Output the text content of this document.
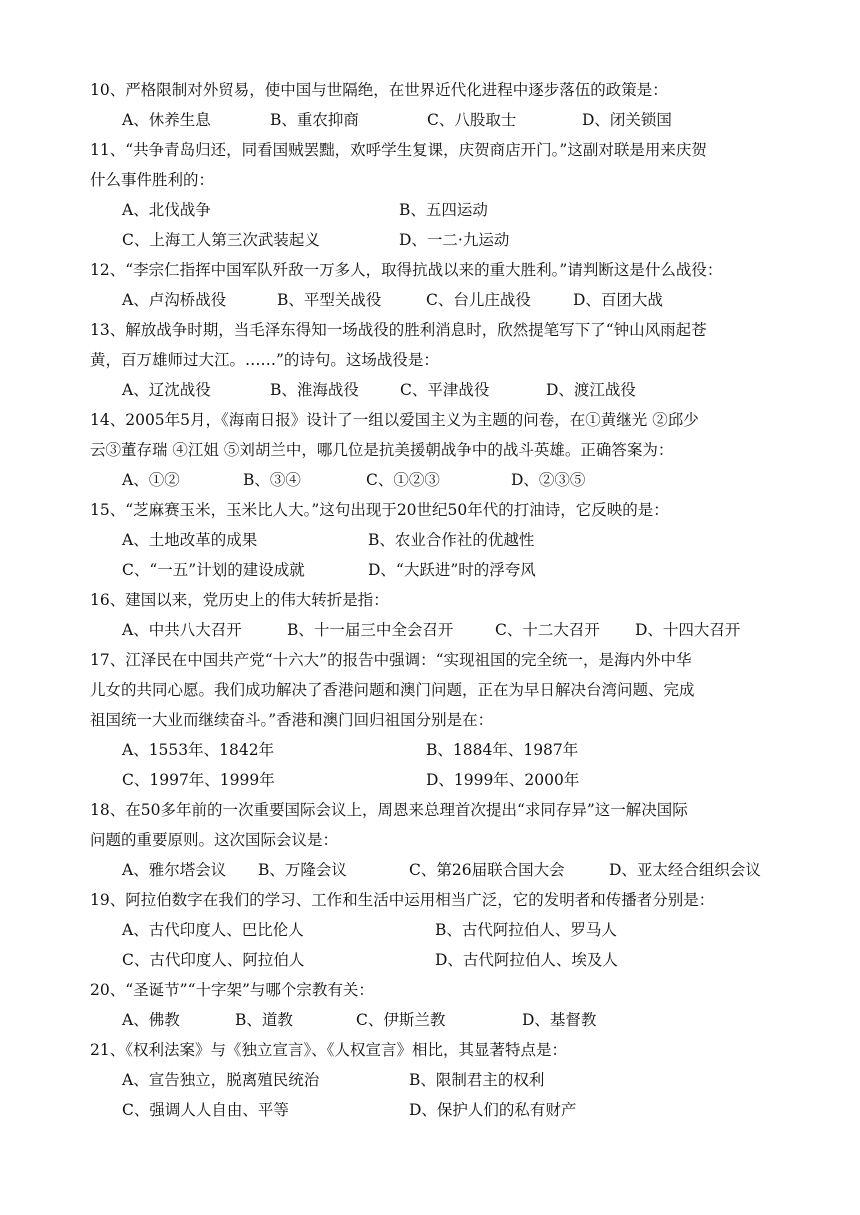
10、严格限制对外贸易，使中国与世隔绝，在世界近代化进程中逐步落伍的政策是：
A、休养生息	B、重农抑商	C、八股取士	D、闭关锁国
11、“共争青岛归还，同看国贼罢黜，欢呼学生复课，庆贺商店开门。”这副对联是用来庆贺
什么事件胜利的：
A、北伐战争	B、五四运动
C、上海工人第三次武装起义	D、一二·九运动
12、“李宗仁指挥中国军队歼敌一万多人，取得抗战以来的重大胜利。”请判断这是什么战役：
A、卢沟桥战役	B、平型关战役	C、台儿庄战役	D、百团大战
13、解放战争时期，当毛泽东得知一场战役的胜利消息时，欣然提笔写下了“钟山风雨起苍
黄，百万雄师过大江。……”的诗句。这场战役是：
A、辽沈战役	B、淮海战役	C、平津战役	D、渡江战役
14、2005年5月，《海南日报》设计了一组以爱国主义为主题的问卷，在①黄继光 ②邱少
云③董存瑞 ④江姐 ⑤刘胡兰中，哪几位是抗美援朝战争中的战斗英雄。正确答案为：
A、①②	B、③④	C、①②③	D、②③⑤
15、“芝麻赛玉米，玉米比人大。”这句出现于20世纪50年代的打油诗，它反映的是：
A、土地改革的成果	B、农业合作社的优越性
C、“一五”计划的建设成就	D、“大跃进”时的浮夸风
16、建国以来，党历史上的伟大转折是指：
A、中共八大召开	B、十一届三中全会召开	C、十二大召开 D、十四大召开
17、江泽民在中国共产党“十六大”的报告中强调：“实现祖国的完全统一，是海内外中华
儿女的共同心愿。我们成功解决了香港问题和澳门问题，正在为早日解决台湾问题、完成
祖国统一大业而继续奋斗。”香港和澳门回归祖国分别是在：
A、1553年、1842年	B、1884年、1987年
C、1997年、1999年	D、1999年、2000年
18、在50多年前的一次重要国际会议上，周恩来总理首次提出“求同存异”这一解决国际
问题的重要原则。这次国际会议是：
A、雅尔塔会议 B、万隆会议	C、第26届联合国大会	D、亚太经合组织会议
19、阿拉伯数字在我们的学习、工作和生活中运用相当广泛，它的发明者和传播者分别是：
A、古代印度人、巴比伦人	B、古代阿拉伯人、罗马人
C、古代印度人、阿拉伯人	D、古代阿拉伯人、埃及人
20、“圣诞节”“十字架”与哪个宗教有关：
A、佛教	B、道教	C、伊斯兰教	D、基督教
21、《权利法案》与《独立宣言》、《人权宣言》相比，其显著特点是：
A、宣告独立，脱离殖民统治	B、限制君主的权利
C、强调人人自由、平等	D、保护人们的私有财产
